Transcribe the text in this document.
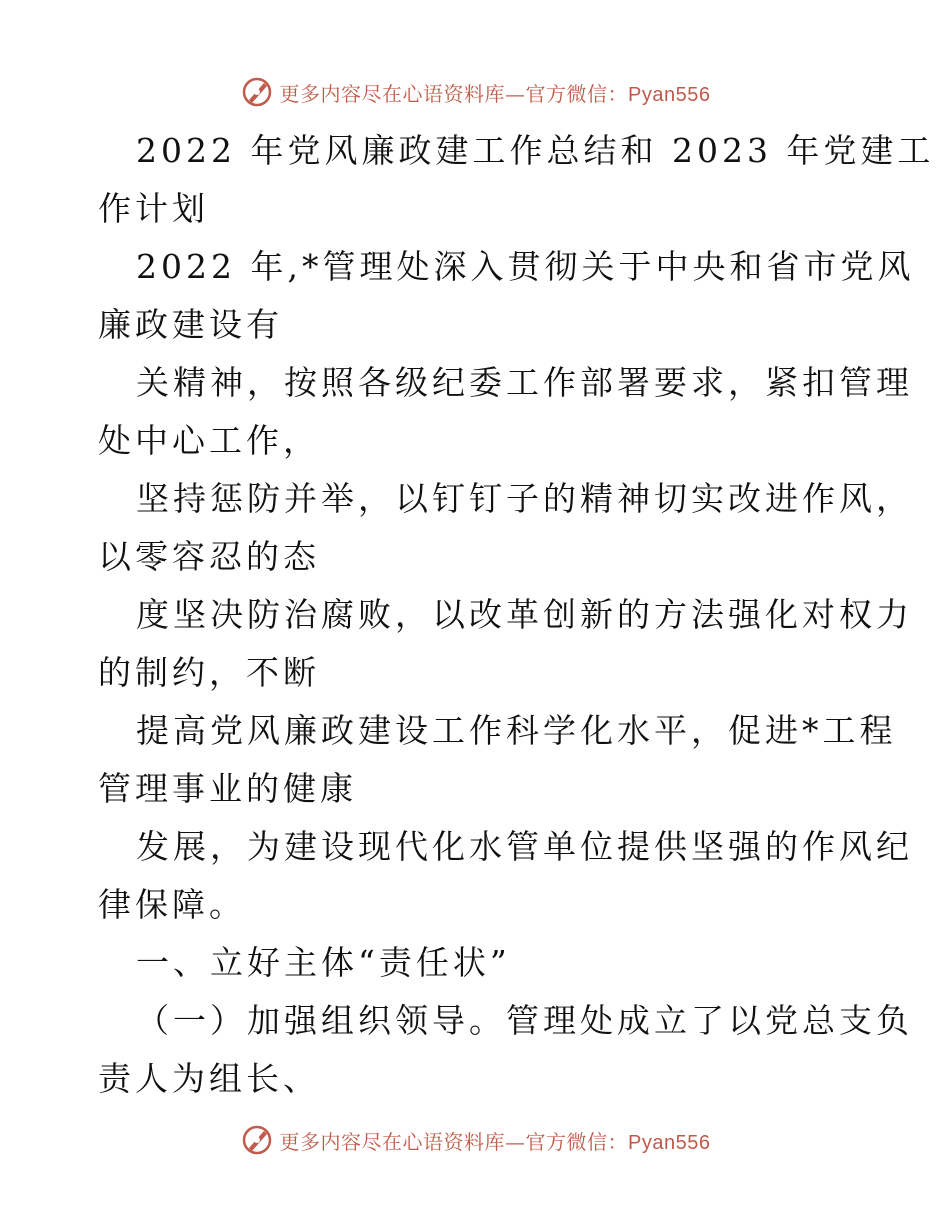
更多内容尽在心语资料库—官方微信：Pyan556
2022 年党风廉政建工作总结和 2023 年党建工
作计划
2022 年,*管理处深入贯彻关于中央和省市党风
廉政建设有
关精神，按照各级纪委工作部署要求，紧扣管理
处中心工作，
坚持惩防并举，以钉钉子的精神切实改进作风，
以零容忍的态
度坚决防治腐败，以改革创新的方法强化对权力
的制约，不断
提高党风廉政建设工作科学化水平，促进*工程
管理事业的健康
发展，为建设现代化水管单位提供坚强的作风纪
律保障。
一、立好主体“责任状”
（一）加强组织领导。管理处成立了以党总支负
责人为组长、
更多内容尽在心语资料库—官方微信：Pyan556
